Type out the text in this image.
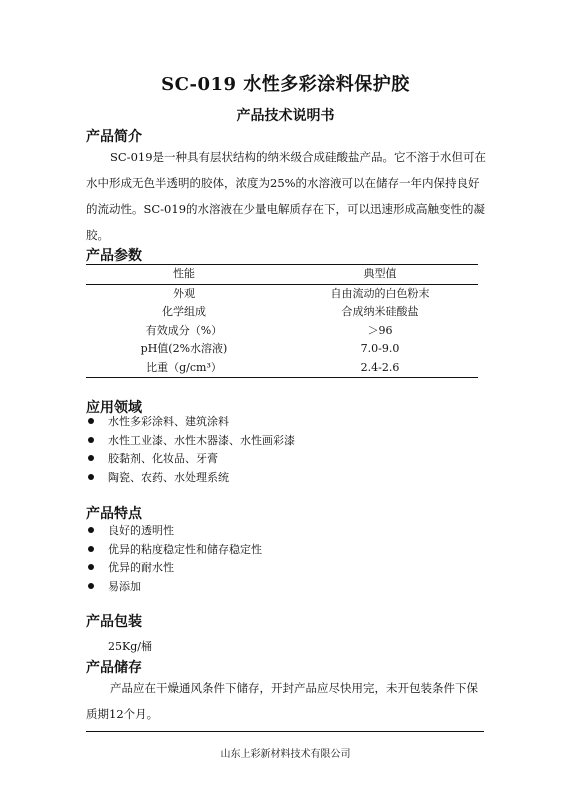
SC-019 水性多彩涂料保护胶
产品技术说明书
产品简介
SC-019是一种具有层状结构的纳米级合成硅酸盐产品。它不溶于水但可在水中形成无色半透明的胶体，浓度为25%的水溶液可以在储存一年内保持良好的流动性。SC-019的水溶液在少量电解质存在下，可以迅速形成高触变性的凝胶。
产品参数
性能	典型值
外观	自由流动的白色粉末
化学组成	合成纳米硅酸盐
有效成分（%）	＞96
pH值(2%水溶液)	7.0-9.0
比重（g/cm³）	2.4-2.6
应用领域
水性多彩涂料、建筑涂料
水性工业漆、水性木器漆、水性画彩漆
胶黏剂、化妆品、牙膏
陶瓷、农药、水处理系统
产品特点
良好的透明性
优异的粘度稳定性和储存稳定性
优异的耐水性
易添加
产品包装
25Kg/桶
产品储存
产品应在干燥通风条件下储存，开封产品应尽快用完，未开包装条件下保质期12个月。
山东上彩新材料技术有限公司
